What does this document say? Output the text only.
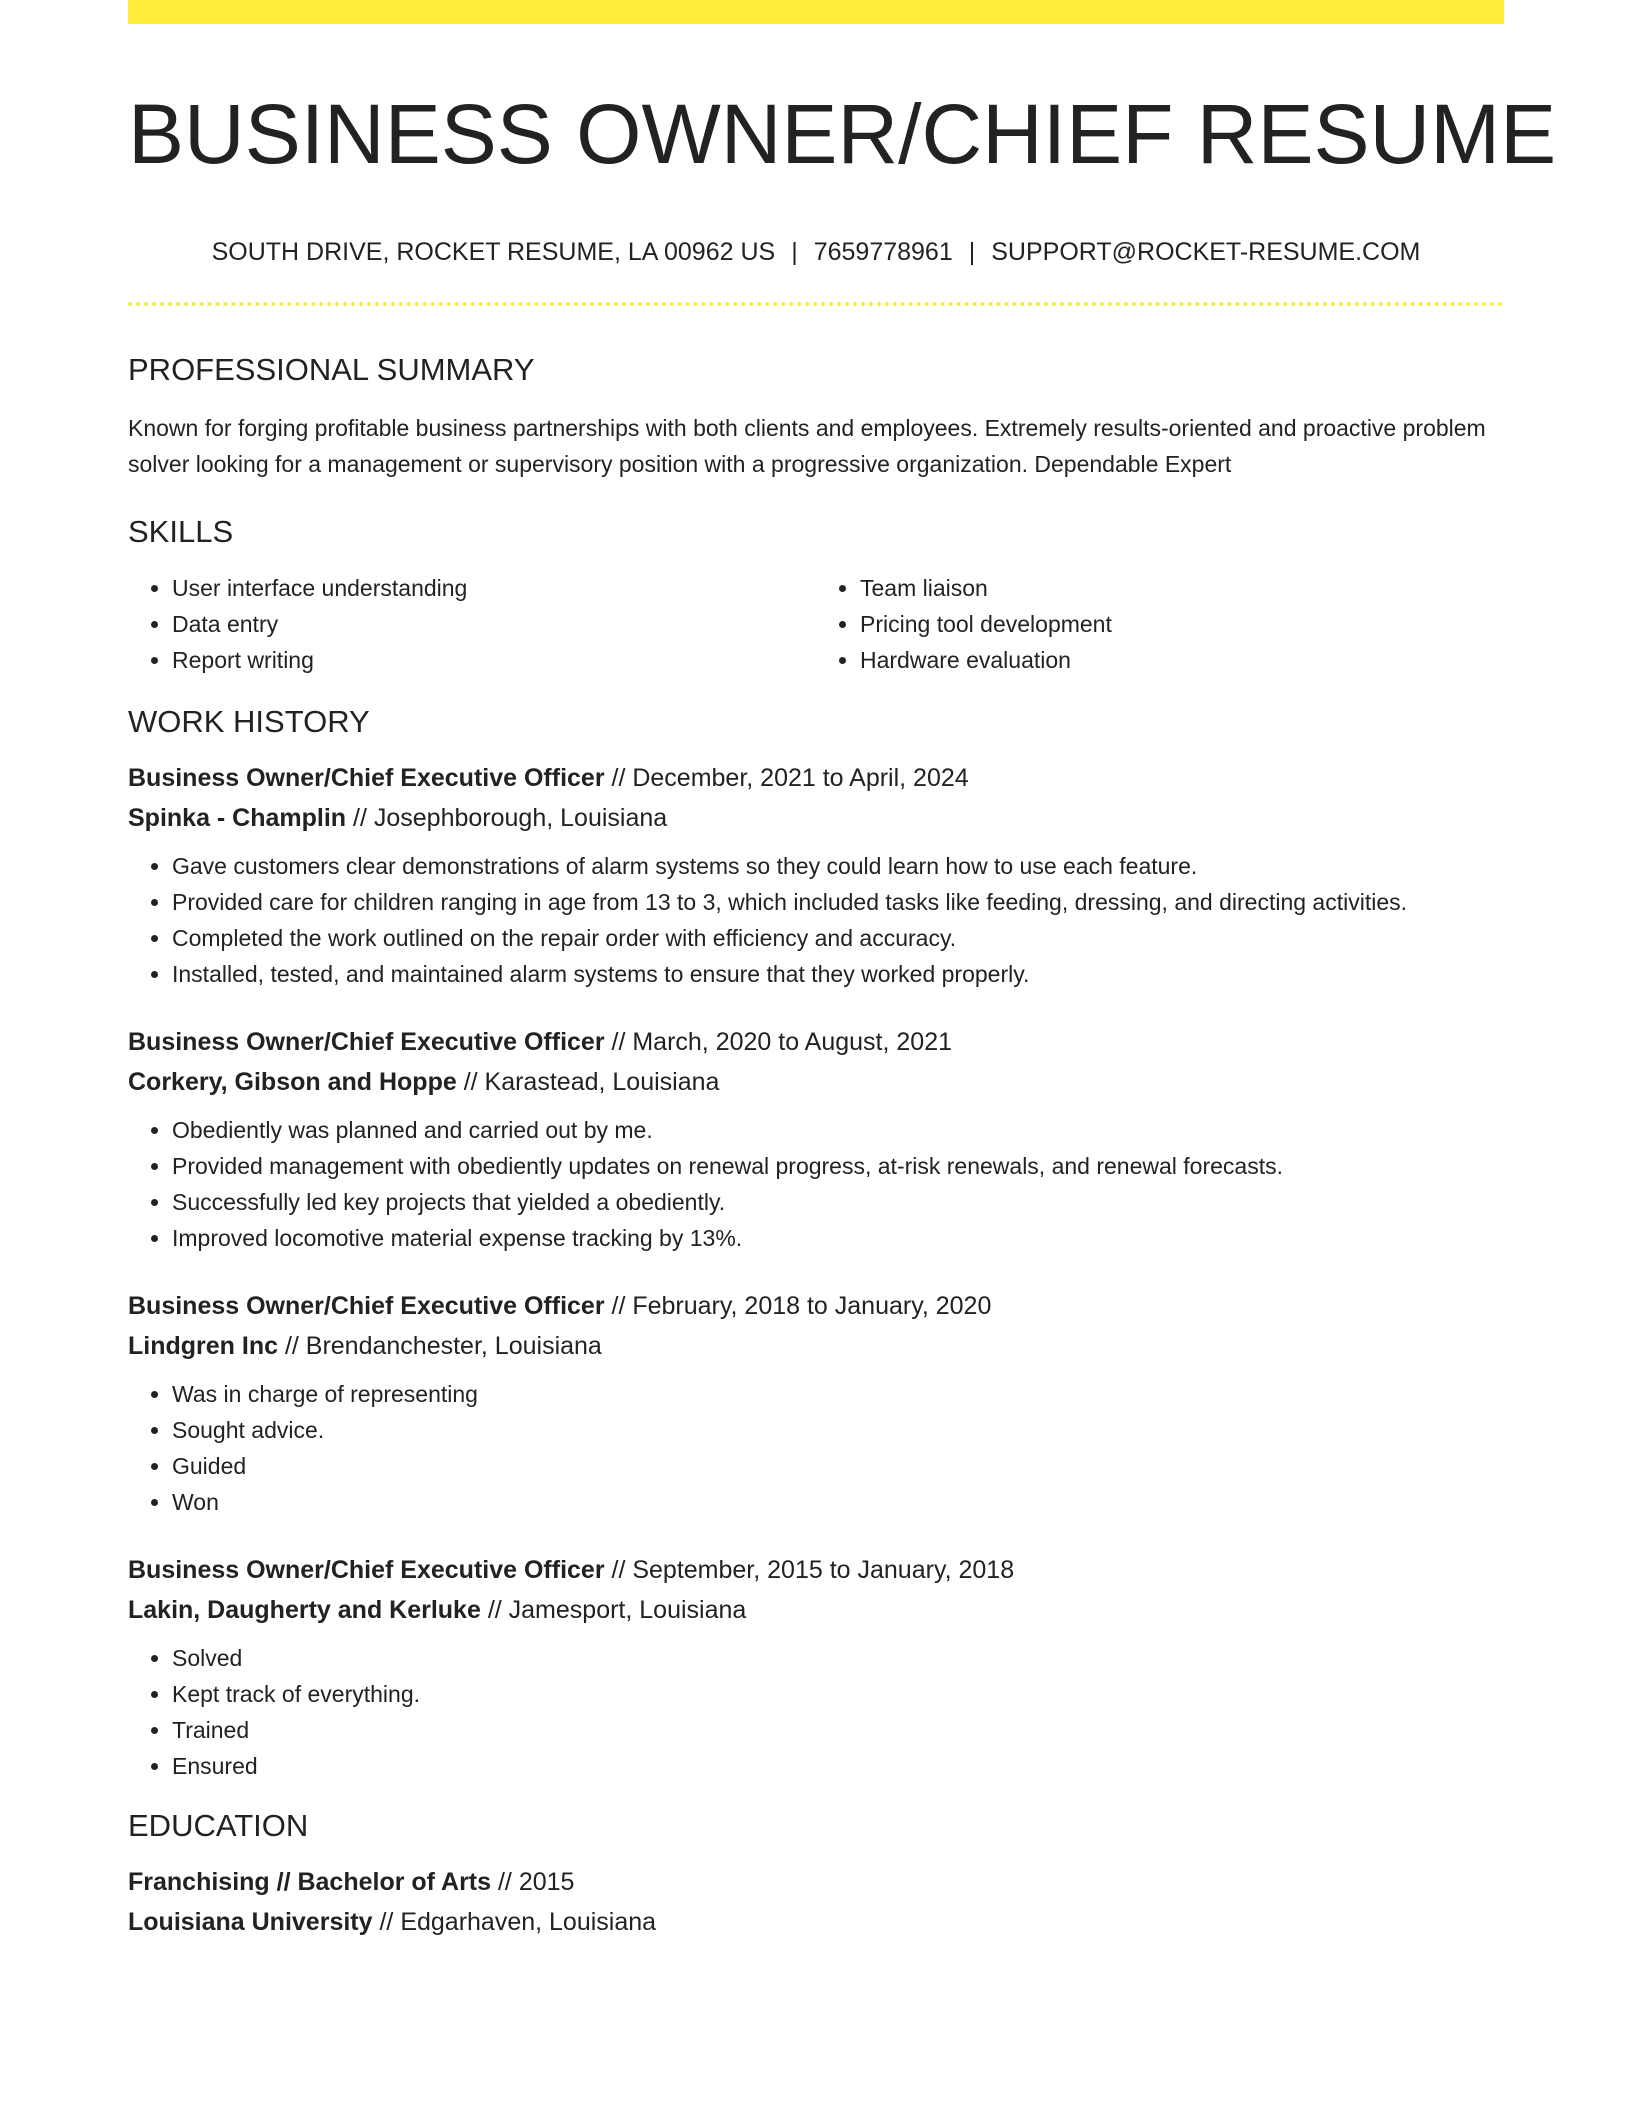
BUSINESS OWNER/CHIEF RESUME
SOUTH DRIVE, ROCKET RESUME, LA 00962 US | 7659778961 | SUPPORT@ROCKET-RESUME.COM
PROFESSIONAL SUMMARY

Known for forging profitable business partnerships with both clients and employees. Extremely results-oriented and proactive problem solver looking for a management or supervisory position with a progressive organization. Dependable Expert

SKILLS
• User interface understanding
• Data entry
• Report writing
• Team liaison
• Pricing tool development
• Hardware evaluation
WORK HISTORY
Business Owner/Chief Executive Officer // December, 2021 to April, 2024
Spinka - Champlin // Josephborough, Louisiana
• Gave customers clear demonstrations of alarm systems so they could learn how to use each feature.
• Provided care for children ranging in age from 13 to 3, which included tasks like feeding, dressing, and directing activities.
• Completed the work outlined on the repair order with efficiency and accuracy.
• Installed, tested, and maintained alarm systems to ensure that they worked properly.
Business Owner/Chief Executive Officer // March, 2020 to August, 2021
Corkery, Gibson and Hoppe // Karastead, Louisiana
• Obediently was planned and carried out by me.
• Provided management with obediently updates on renewal progress, at-risk renewals, and renewal forecasts.
• Successfully led key projects that yielded a obediently.
• Improved locomotive material expense tracking by 13%.
Business Owner/Chief Executive Officer // February, 2018 to January, 2020
Lindgren Inc // Brendanchester, Louisiana
• Was in charge of representing
• Sought advice.
• Guided
• Won
Business Owner/Chief Executive Officer // September, 2015 to January, 2018
Lakin, Daugherty and Kerluke // Jamesport, Louisiana
• Solved
• Kept track of everything.
• Trained
• Ensured
EDUCATION
Franchising // Bachelor of Arts // 2015
Louisiana University // Edgarhaven, Louisiana
